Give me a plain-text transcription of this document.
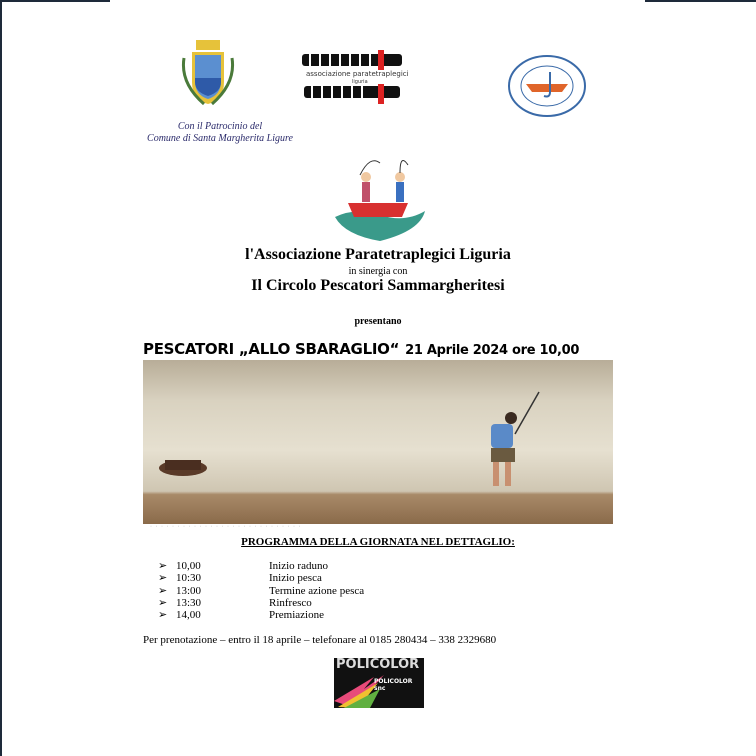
Con il Patrocinio del
Comune di Santa Margherita Ligure
associazione paratetraplegici
liguria
l'Associazione Paratetraplegici Liguria
in sinergia con
Il Circolo Pescatori Sammargheritesi
presentano
PESCATORI „ALLO SBARAGLIO“ 21 Aprile 2024 ore 10,00
· · · · · · · · · · · · · · · · · · · · · · · · · · · ·
PROGRAMMA DELLA GIORNATA NEL DETTAGLIO:
➢ 10,00	Inizio raduno
➢ 10:30	Inizio pesca
➢ 13:00	Termine azione pesca
➢ 13:30	Rinfresco
➢ 14,00	Premiazione
Per prenotazione – entro il 18 aprile – telefonare al 0185 280434 – 338 2329680
POLICOLOR
POLICOLOR snc
